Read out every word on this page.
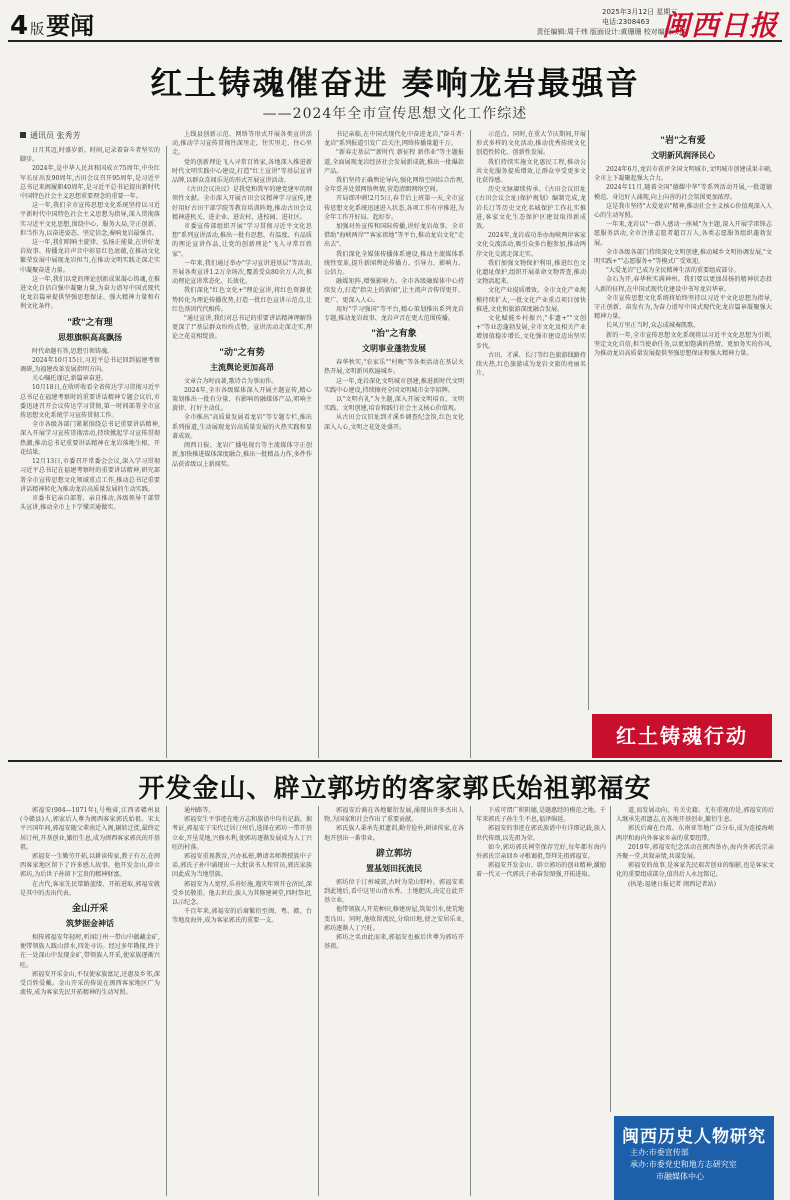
4 版要闻	2025年3月12日 星期三
电话:2308463
责任编辑:周千炜 版面设计:黄珊珊 校对编辑:刘文
闽西日报
红土铸魂催奋进 奏响龙岩最强音
——2024年全市宣传思想文化工作综述
通讯员 张秀芳

日月其迈,时盛岁新。时间,记录着奋斗者坚实的脚步。

2024年,是中华人民共和国成立75周年,中央红军长征出发90周年,古田会议召开95周年,是习近平总书记来闽履职40周年,是习近平总书记提出新时代中国特色社会主义思想重要理念的重要一年。

这一年,我们全市宣传思想文化系统坚持以习近平新时代中国特色社会主义思想为指导,深入贯彻落实习近平文化思想,围绕中心、服务大局,守正创新、担当作为,以奋进姿态、坚定信念,奏响龙岩最强音。

这一年,我们唱响主旋律、弘扬正能量,在讲好龙岩故事、传播龙岩声音中彰显红色底蕴,在推动文化繁荣发展中展现龙岩担当,在推动文明实践走深走实中凝聚奋进力量。

这一年,我们以党的理论创新成果凝心铸魂,在推进文化自信自强中凝聚力量,为奋力谱写中国式现代化龙岩篇章提供坚强思想保证、强大精神力量和有利文化条件。

"政"之有理
思想旗帜高高飘扬

时代命题有答,思想引领铸魂。

2024年10月15日,习近平总书记回到福建考察调研,为福建改革发展指明方向。

关心嘱托谨记,新篇章奋进。

10月18日,在收听收看全省传达学习贯彻习近平总书记在福建考察时的重要讲话精神专题会议后,市委迅速召开会议传达学习贯彻,第一时间部署全市宣传思想文化系统学习宣传贯彻工作。

全市各级各部门紧紧围绕总书记重要讲话精神,深入开展学习宣传贯彻活动,持续掀起学习宣传贯彻热潮,推动总书记重要讲话精神在龙岩落地生根、开花结果。

12月13日,市委召开常委会会议,深入学习贯彻习近平总书记在福建考察时的重要讲话精神,研究部署全市宣传思想文化领域重点工作,推动总书记重要讲话精神转化为推动龙岩高质量发展的生动实践。

市委书记亲自部署、亲自推动,各级领导干部带头宣讲,推动全市上下学懂弄通做实。

上线县创新示范、网络等形式开展各类宣讲活动,推动学习宣传贯彻往深里走、往实里走、往心里走。

党的创新理论飞入寻常百姓家,各地深入推进新时代文明实践中心建设,打造"红土宣讲"等基层宣讲品牌,以群众喜闻乐见的形式开展宣讲活动。

《古田会议决议》是我党和我军的建党建军的纲领性文献。全市深入开展古田会议精神学习宣传,建好用好古田干部学院等教育培训阵地,推动古田会议精神进机关、进企业、进农村、进校园、进社区。

市委宣传部组织开展"学习贯彻习近平文化思想"系列宣讲活动,推出一批有思想、有温度、有品质的理论宣讲作品,让党的创新理论"飞入寻常百姓家"。

一年来,我们通过举办"学习宣讲进基层"等活动,开展各类宣讲1.2万余场次,覆盖受众80余万人次,推动理论宣讲常态化、长效化。

我们深化"红色文化+"理论宣讲,将红色资源优势转化为理论传播优势,打造一批红色宣讲示范点,让红色基因代代相传。

"通过宣讲,我们对总书记的重要讲话精神理解得更深了!"基层群众纷纷点赞。宣讲活动走深走实,理论之花竞相绽放。

"动"之有势
主流舆论更加高昂

文章合为时而著,歌诗合为事而作。

2024年,全市各级媒体深入开展主题宣传,精心策划推出一批有分量、有影响的融媒体产品,唱响主旋律、打好主动仗。

全市推出"高质量发展看龙岩"等专题专栏,推出系列报道,生动展现龙岩高质量发展的火热实践和显著成效。

闽西日报、龙岩广播电视台等主流媒体守正创新,加快推进媒体深度融合,推出一批精品力作,多件作品获省级以上新闻奖。

书记亲临,在中国式现代化中奋进龙岩,"奋斗者·龙岩"系列报道引发广泛关注,网络传播量超千万。

"新春走基层""新时代 新征程 新伟业"等主题报道,全面展现龙岩经济社会发展新成就,推出一批爆款产品。

我们坚持正确舆论导向,强化网络空间综合治理,全年妥善处置网络舆情,营造清朗网络空间。

开局即冲刺!2月5日,春节后上班第一天,全市宣传思想文化系统迅速进入状态,各项工作有序推进,为全年工作开好局、起好步。

加强对外宣传和国际传播,讲好龙岩故事。全市借助"海峡两岸""客家祖地"等平台,推动龙岩文化"走出去"。

我们深化全媒体传播体系建设,推动主流媒体系统性变革,提升新闻舆论传播力、引导力、影响力、公信力。

融媒矩阵,增强影响力。全市各级融媒体中心持续发力,打造"指尖上的新闻",让主流声音传得更开、更广、更深入人心。

用好"学习强国"等平台,精心策划推出系列龙岩专题,推动龙岩故事、龙岩声音在更大范围传播。

"治"之有象
文明事业蓬勃发展

春华秋实,"农家乐""村晚"等各类活动在基层火热开展,文明新风吹遍城乡。

这一年,龙岩深化文明城市创建,推进新时代文明实践中心建设,持续擦亮全国文明城市金字招牌。

以"文明有礼"为主题,深入开展文明培育、文明实践、文明创建,培育和践行社会主义核心价值观。

从古田会议旧址到才溪乡调查纪念馆,红色文化深入人心,文明之花处处盛开。

示范点。同时,在重大节庆期间,开展形式多样的文化活动,推动优秀传统文化创造性转化、创新性发展。

我们持续实施文化惠民工程,推动公共文化服务提质增效,让群众享受更多文化获得感。

历史文脉赓续传承。《古田会议旧址(古田会议会址)保护规划》编制完成,龙岩长汀等历史文化名城保护工作扎实推进,客家文化生态保护区建设取得新成效。

2024年,龙岩成功举办海峡两岸客家文化交流活动,吸引众多台胞参加,推动两岸文化交流走深走实。

我们加强文物保护利用,推进红色文化遗址保护,组织开展革命文物普查,推动文物活起来。

文化产业提质增效。全市文化产业规模持续扩大,一批文化产业重点项目加快推进,文化和旅游深度融合发展。

文化赋能乡村振兴,"非遗+""文创+"等业态蓬勃发展,全市文化及相关产业增加值稳步增长,文化强市建设迈出坚实步伐。

古田、才溪、长汀等红色旅游线路持续火热,红色旅游成为龙岩文旅的亮丽名片。

"岩"之有爱
文明新风润泽民心

2024年6月,龙岩市获评全国文明城市,文明城市创建成果丰硕,全市上下凝聚起强大合力。

2024年11月,随着全国"德耀中华"等系列活动开展,一批道德模范、身边好人涌现,向上向善的社会氛围更加浓厚。

这是我市坚持"大爱龙岩"精神,推动社会主义核心价值观深入人心的生动写照。

一年来,龙岩以"一群人感动一座城"为主题,深入开展学雷锋志愿服务活动,全市注册志愿者超百万人,各类志愿服务组织蓬勃发展。

全市各级各部门持续深化文明创建,推动城乡文明协调发展,"文明实践+""志愿服务+"等模式广受欢迎。

"大爱龙岩"已成为全民精神生活的重要组成部分。

金石为开,春华秋实满神州。我们要以更加昂扬的精神状态投入新的征程,在中国式现代化建设中书写龙岩华章。

全市宣传思想文化系统将始终坚持以习近平文化思想为指导,守正创新、奋发有为,为奋力谱写中国式现代化龙岩篇章凝聚强大精神力量。

长风万里正当时,众志成城奏凯歌。

新的一年,全市宣传思想文化系统将以习近平文化思想为引领,坚定文化自信,担当使命任务,以更加饱满的热情、更加务实的作风,为推动龙岩高质量发展提供坚强思想保证和强大精神力量。

红土铸魂行动
开发金山、辟立郭坊的客家郭氏始祖郭福安

郭福安(984—1071年),号梅睿,江西省赣州县(今赣县)人,郭家后人尊为闽西客家郭氏始祖。宋太平兴国年间,郭福安随父辈南迁入闽,辗转迁徙,最终定居汀州,开基创业,繁衍生息,成为闽西客家郭氏的开基祖。

郭福安一生勤劳开拓,以耕读传家,教子有方,在闽西客家地区留下了许多感人故事。他开发金山,辟立郭坊,为后世子孙留下宝贵的精神财富。

在古代,客家先民筚路蓝缕、开拓进取,郭福安就是其中的杰出代表。

金山开采
筑梦据金神话

相传郭福安年轻时,听闻汀州一带山中蕴藏金矿,便带领族人跋山涉水,四处寻访。经过多年勘探,终于在一处深山中发现金矿,带领族人开采,使家族逐渐兴旺。

郭福安开采金山,不仅使家族富足,还惠及乡邻,深受百姓爱戴。金山开采的传说在闽西客家地区广为流传,成为客家先民开拓精神的生动写照。

通州路等。

郭福安生平事迹在地方志和族谱中均有记载。据考证,郭福安于宋代迁居汀州后,选择在郭坊一带开基立业,开垦荒地,兴修水利,使郭坊逐渐发展成为人丁兴旺的村落。

郭福安重视教育,兴办私塾,聘请名师教授族中子弟,郭氏子孙中涌现出一大批读书人和官员,郭氏家族因此成为当地望族。

郭福安为人宽厚,乐善好施,遇灾年则开仓济民,深受乡民敬重。他去世后,族人为其修建祠堂,四时祭祀,以示纪念。

千百年来,郭福安的后裔繁衍至闽、粤、赣、台等地及海外,成为客家郭氏的重要一支。

郭福安后裔在各地繁衍发展,涌现出许多杰出人物,为国家和社会作出了重要贡献。

郭氏族人秉承先祖遗训,勤劳俭朴,耕读传家,在各地开创出一番事业。

辟立郭坊
置基划田抚流民

郭坊位于汀州城郊,古时为荒山野岭。郭福安来到此地后,看中这里山清水秀、土地肥沃,决定在此开基立业。

他带领族人开荒种田,修建房屋,筑渠引水,使荒地变良田。同时,他收留流民,分给田地,使之安居乐业,郭坊逐渐人丁兴旺。

郭坊之名由此而来,郭福安也被后世尊为郭坊开基祖。

下成可谓广积阴德,是题惠经的模范之地。千年来郭氏子孙生生不息,福泽绵延。

郭福安的事迹在郭氏族谱中有详细记载,族人世代传颂,以先祖为荣。

如今,郭坊郭氏祠堂保存完好,每年都有海内外郭氏宗亲回乡寻根谒祖,祭拜先祖郭福安。

郭福安开发金山、辟立郭坊的创业精神,激励着一代又一代郭氏子孙奋发图强,开拓进取。

道,而发展动向、有关史籍。尤有重视的是,郭福安的后人继承先祖遗志,在各地开基创业,繁衍生息。

郭氏后裔在台湾、东南亚等地广泛分布,成为连接海峡两岸和海内外客家乡亲的重要纽带。

2019年,郭福安纪念活动在闽西举办,海内外郭氏宗亲齐聚一堂,共叙亲情,共谋发展。

郭福安的故事,是客家先民艰苦创业的缩影,也是客家文化的重要组成部分,值得后人永远铭记。

(执笔:福建日报记者 闽西记者站)

闽西历史人物研究
主办:市委宣传部
承办:市委党史和地方志研究室
市融媒体中心
